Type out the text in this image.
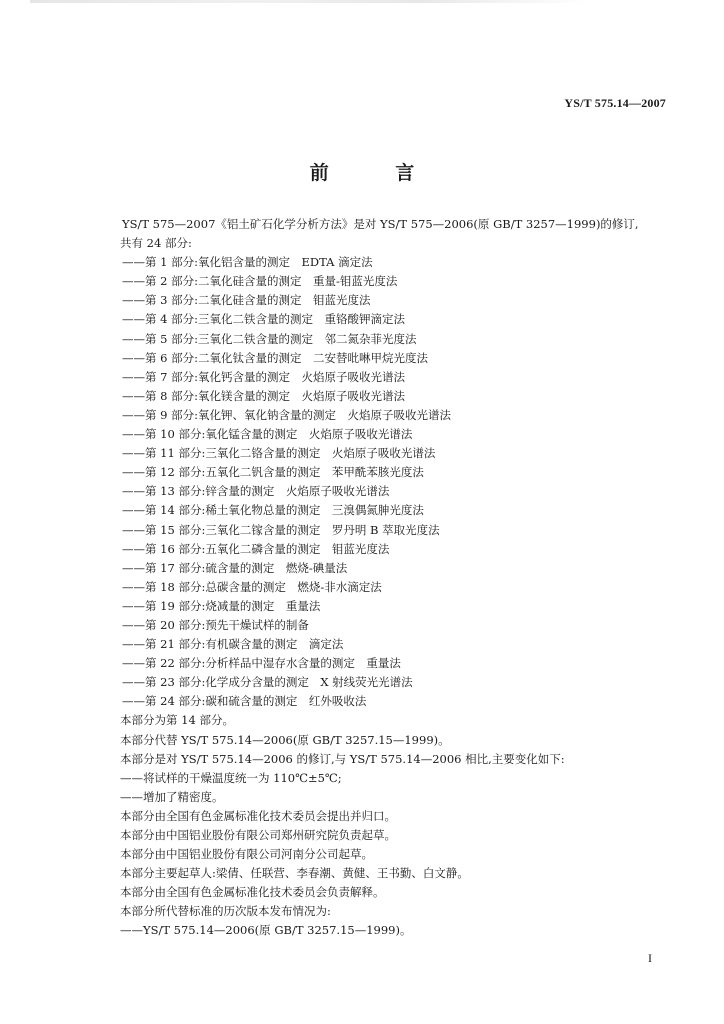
YS/T 575.14—2007
前 言

YS/T 575—2007《铝土矿石化学分析方法》是对 YS/T 575—2006(原 GB/T 3257—1999)的修订,

共有 24 部分:

——第 1 部分:氧化铝含量的测定　EDTA 滴定法
——第 2 部分:二氧化硅含量的测定　重量-钼蓝光度法
——第 3 部分:二氧化硅含量的测定　钼蓝光度法
——第 4 部分:三氧化二铁含量的测定　重铬酸钾滴定法
——第 5 部分:三氧化二铁含量的测定　邻二氮杂菲光度法
——第 6 部分:二氧化钛含量的测定　二安替吡啉甲烷光度法
——第 7 部分:氧化钙含量的测定　火焰原子吸收光谱法
——第 8 部分:氧化镁含量的测定　火焰原子吸收光谱法
——第 9 部分:氧化钾、氧化钠含量的测定　火焰原子吸收光谱法
——第 10 部分:氧化锰含量的测定　火焰原子吸收光谱法
——第 11 部分:三氧化二铬含量的测定　火焰原子吸收光谱法
——第 12 部分:五氧化二钒含量的测定　苯甲酰苯胲光度法
——第 13 部分:锌含量的测定　火焰原子吸收光谱法
——第 14 部分:稀土氧化物总量的测定　三溴偶氮胂光度法
——第 15 部分:三氧化二镓含量的测定　罗丹明 B 萃取光度法
——第 16 部分:五氧化二磷含量的测定　钼蓝光度法
——第 17 部分:硫含量的测定　燃烧-碘量法
——第 18 部分:总碳含量的测定　燃烧-非水滴定法
——第 19 部分:烧减量的测定　重量法
——第 20 部分:预先干燥试样的制备
——第 21 部分:有机碳含量的测定　滴定法
——第 22 部分:分析样品中湿存水含量的测定　重量法
——第 23 部分:化学成分含量的测定　X 射线荧光光谱法
——第 24 部分:碳和硫含量的测定　红外吸收法

本部分为第 14 部分。

本部分代替 YS/T 575.14—2006(原 GB/T 3257.15—1999)。

本部分是对 YS/T 575.14—2006 的修订,与 YS/T 575.14—2006 相比,主要变化如下:

——将试样的干燥温度统一为 110℃±5℃;

——增加了精密度。

本部分由全国有色金属标准化技术委员会提出并归口。

本部分由中国铝业股份有限公司郑州研究院负责起草。

本部分由中国铝业股份有限公司河南分公司起草。

本部分主要起草人:梁倩、任联营、李春潮、黄健、王书勤、白文静。

本部分由全国有色金属标准化技术委员会负责解释。

本部分所代替标准的历次版本发布情况为:

——YS/T 575.14—2006(原 GB/T 3257.15—1999)。

I
